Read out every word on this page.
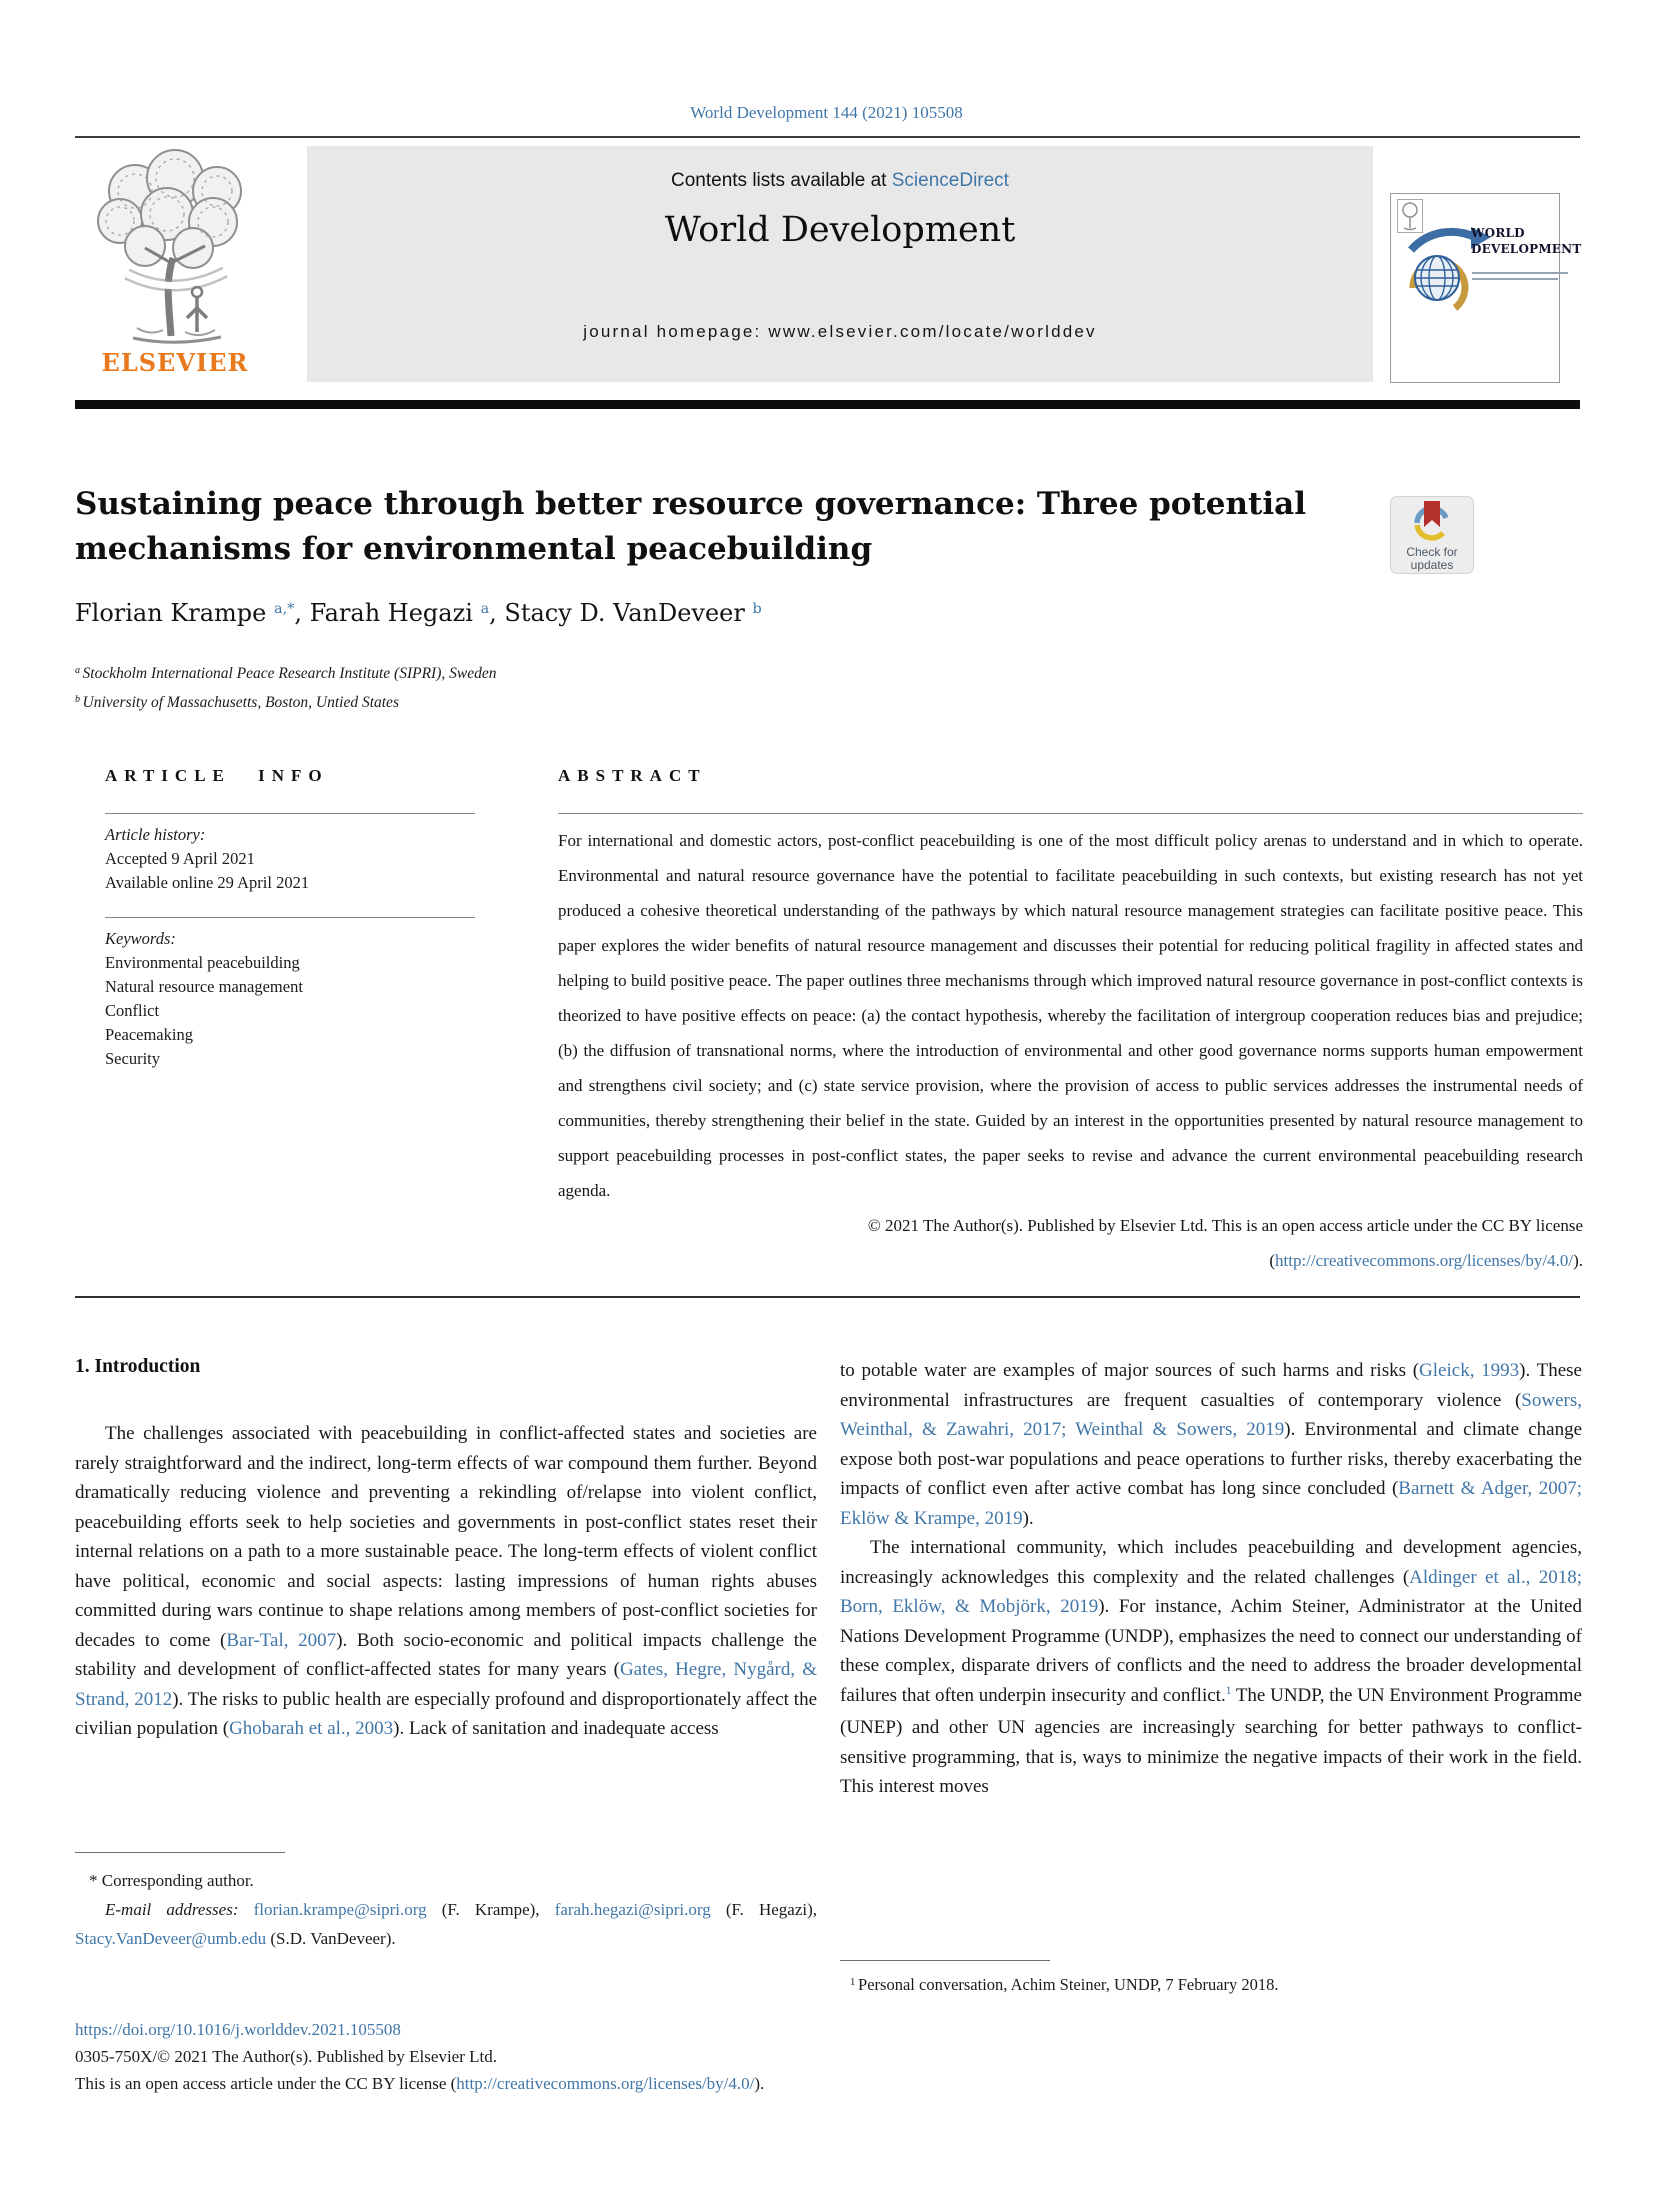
World Development 144 (2021) 105508
ELSEVIER
Contents lists available at ScienceDirect
World Development
journal homepage: www.elsevier.com/locate/worlddev
WORLD DEVELOPMENT
Sustaining peace through better resource governance: Three potential mechanisms for environmental peacebuilding	Check for
updates
Florian Krampe $^{a,*}$, Farah Hegazi $^a$, Stacy D. VanDeveer $^b$
$^a$ Stockholm International Peace Research Institute (SIPRI), Sweden
$^b$ University of Massachusetts, Boston, Untied States
ARTICLE INFO
Article history:
Accepted 9 April 2021
Available online 29 April 2021
Keywords:
Environmental peacebuilding
Natural resource management
Conflict
Peacemaking
Security
ABSTRACT

For international and domestic actors, post-conflict peacebuilding is one of the most difficult policy arenas to understand and in which to operate. Environmental and natural resource governance have the potential to facilitate peacebuilding in such contexts, but existing research has not yet produced a cohesive theoretical understanding of the pathways by which natural resource management strategies can facilitate positive peace. This paper explores the wider benefits of natural resource management and discusses their potential for reducing political fragility in affected states and helping to build positive peace. The paper outlines three mechanisms through which improved natural resource governance in post-conflict contexts is theorized to have positive effects on peace: (a) the contact hypothesis, whereby the facilitation of intergroup cooperation reduces bias and prejudice; (b) the diffusion of transnational norms, where the introduction of environmental and other good governance norms supports human empowerment and strengthens civil society; and (c) state service provision, where the provision of access to public services addresses the instrumental needs of communities, thereby strengthening their belief in the state. Guided by an interest in the opportunities presented by natural resource management to support peacebuilding processes in post-conflict states, the paper seeks to revise and advance the current environmental peacebuilding research agenda.

© 2021 The Author(s). Published by Elsevier Ltd. This is an open access article under the CC BY license
(http://creativecommons.org/licenses/by/4.0/).
1. Introduction

The challenges associated with peacebuilding in conflict-affected states and societies are rarely straightforward and the indirect, long-term effects of war compound them further. Beyond dramatically reducing violence and preventing a rekindling of/relapse into violent conflict, peacebuilding efforts seek to help societies and governments in post-conflict states reset their internal relations on a path to a more sustainable peace. The long-term effects of violent conflict have political, economic and social aspects: lasting impressions of human rights abuses committed during wars continue to shape relations among members of post-conflict societies for decades to come (Bar-Tal, 2007). Both socio-economic and political impacts challenge the stability and development of conflict-affected states for many years (Gates, Hegre, Nygård, & Strand, 2012). The risks to public health are especially profound and disproportionately affect the civilian population (Ghobarah et al., 2003). Lack of sanitation and inadequate access

to potable water are examples of major sources of such harms and risks (Gleick, 1993). These environmental infrastructures are frequent casualties of contemporary violence (Sowers, Weinthal, & Zawahri, 2017; Weinthal & Sowers, 2019). Environmental and climate change expose both post-war populations and peace operations to further risks, thereby exacerbating the impacts of conflict even after active combat has long since concluded (Barnett & Adger, 2007; Eklöw & Krampe, 2019).

The international community, which includes peacebuilding and development agencies, increasingly acknowledges this complexity and the related challenges (Aldinger et al., 2018; Born, Eklöw, & Mobjörk, 2019). For instance, Achim Steiner, Administrator at the United Nations Development Programme (UNDP), emphasizes the need to connect our understanding of these complex, disparate drivers of conflicts and the need to address the broader developmental failures that often underpin insecurity and conflict.$^1$ The UNDP, the UN Environment Programme (UNEP) and other UN agencies are increasingly searching for better pathways to conflict-sensitive programming, that is, ways to minimize the negative impacts of their work in the field. This interest moves

* Corresponding author.

E-mail addresses: florian.krampe@sipri.org (F. Krampe), farah.hegazi@sipri.org (F. Hegazi), Stacy.VanDeveer@umb.edu (S.D. VanDeveer).

https://doi.org/10.1016/j.worlddev.2021.105508
0305-750X/© 2021 The Author(s). Published by Elsevier Ltd.
This is an open access article under the CC BY license (http://creativecommons.org/licenses/by/4.0/).
$^1$ Personal conversation, Achim Steiner, UNDP, 7 February 2018.
